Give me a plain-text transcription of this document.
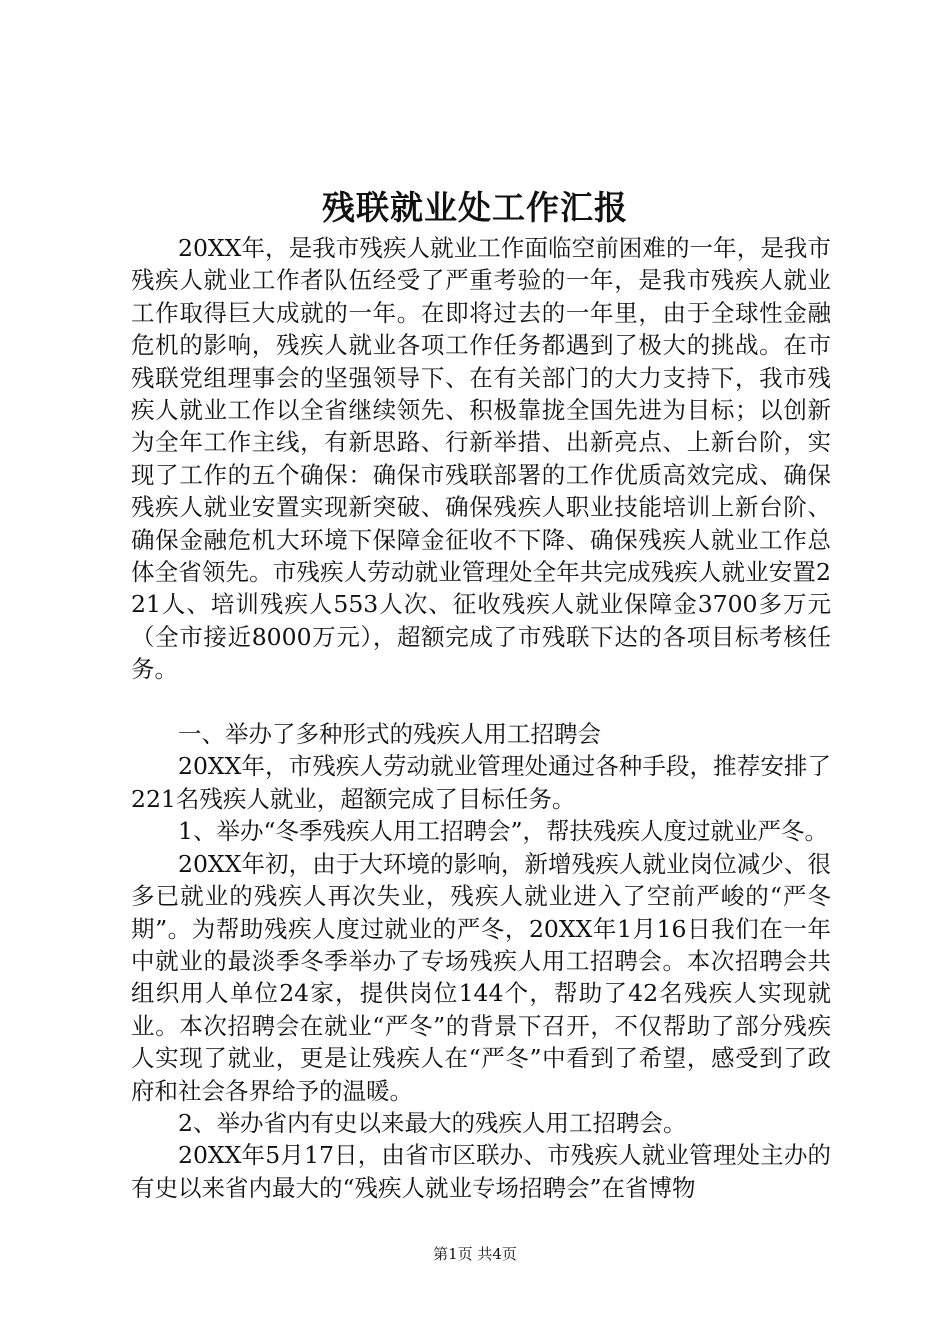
残联就业处工作汇报

20XX年，是我市残疾人就业工作面临空前困难的一年，是我市残疾人就业工作者队伍经受了严重考验的一年，是我市残疾人就业工作取得巨大成就的一年。在即将过去的一年里，由于全球性金融危机的影响，残疾人就业各项工作任务都遇到了极大的挑战。在市残联党组理事会的坚强领导下、在有关部门的大力支持下，我市残疾人就业工作以全省继续领先、积极靠拢全国先进为目标；以创新为全年工作主线，有新思路、行新举措、出新亮点、上新台阶，实现了工作的五个确保：确保市残联部署的工作优质高效完成、确保残疾人就业安置实现新突破、确保残疾人职业技能培训上新台阶、确保金融危机大环境下保障金征收不下降、确保残疾人就业工作总体全省领先。市残疾人劳动就业管理处全年共完成残疾人就业安置221人、培训残疾人553人次、征收残疾人就业保障金3700多万元（全市接近8000万元），超额完成了市残联下达的各项目标考核任务。

一、举办了多种形式的残疾人用工招聘会

20XX年，市残疾人劳动就业管理处通过各种手段，推荐安排了221名残疾人就业，超额完成了目标任务。

1、举办“冬季残疾人用工招聘会”，帮扶残疾人度过就业严冬。

20XX年初，由于大环境的影响，新增残疾人就业岗位减少、很多已就业的残疾人再次失业，残疾人就业进入了空前严峻的“严冬期”。为帮助残疾人度过就业的严冬，20XX年1月16日我们在一年中就业的最淡季冬季举办了专场残疾人用工招聘会。本次招聘会共组织用人单位24家，提供岗位144个，帮助了42名残疾人实现就业。本次招聘会在就业“严冬”的背景下召开，不仅帮助了部分残疾人实现了就业，更是让残疾人在“严冬”中看到了希望，感受到了政府和社会各界给予的温暖。

2、举办省内有史以来最大的残疾人用工招聘会。

20XX年5月17日，由省市区联办、市残疾人就业管理处主办的有史以来省内最大的“残疾人就业专场招聘会”在省博物

第1页 共4页
